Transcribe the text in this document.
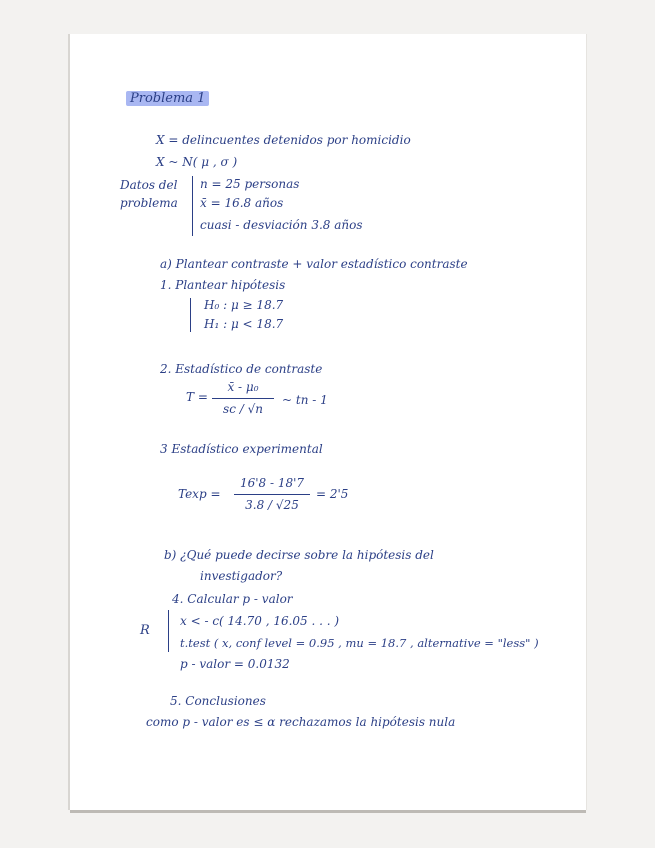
Problema 1
X = delincuentes detenidos por homicidio
X ~ N( μ , σ )
Datos del
problema
n = 25 personas
x̄ = 16.8 años
cuasi - desviación 3.8 años
a) Plantear contraste + valor estadístico contraste
1. Plantear hipótesis
H₀ : μ ≥ 18.7
H₁ : μ < 18.7
2. Estadístico de contraste
T =
x̄ - μ₀
sc / √n
~ tn - 1
3 Estadístico experimental
Texp =
16'8 - 18'7
3.8 / √25
= 2'5
b) ¿Qué puede decirse sobre la hipótesis del
investigador?
4. Calcular p - valor
R
x < - c( 14.70 , 16.05 . . . )
t.test ( x, conf level = 0.95 , mu = 18.7 , alternative = "less" )
p - valor = 0.0132
5. Conclusiones
como p - valor es ≤ α rechazamos la hipótesis nula
